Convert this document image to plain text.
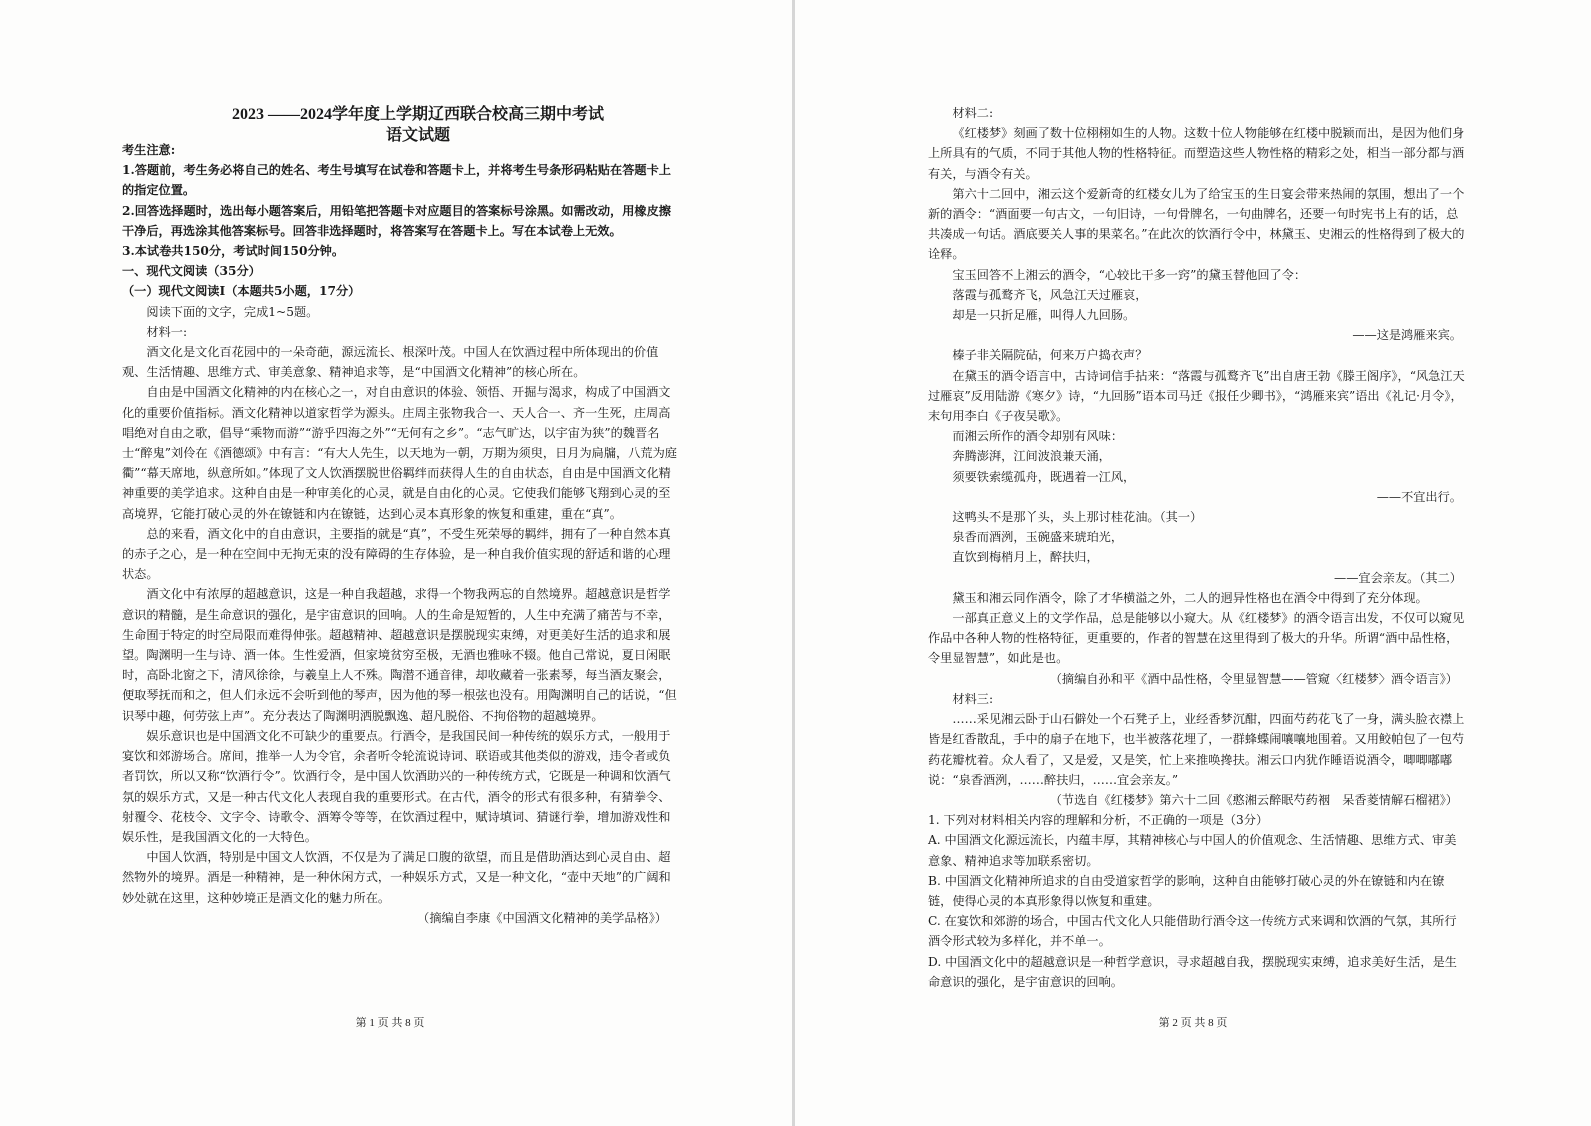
2023 ——2024学年度上学期辽西联合校高三期中考试
语文试题

考生注意:

1.答题前，考生务必将自己的姓名、考生号填写在试卷和答题卡上，并将考生号条形码粘贴在答题卡上的指定位置。

2.回答选择题时，选出每小题答案后，用铅笔把答题卡对应题目的答案标号涂黑。如需改动，用橡皮擦干净后，再选涂其他答案标号。回答非选择题时，将答案写在答题卡上。写在本试卷上无效。

3.本试卷共150分，考试时间150分钟。

一、现代文阅读（35分）

（一）现代文阅读Ⅰ（本题共5小题，17分）

阅读下面的文字，完成1~5题。

材料一:

酒文化是文化百花园中的一朵奇葩，源远流长、根深叶茂。中国人在饮酒过程中所体现出的价值观、生活情趣、思维方式、审美意象、精神追求等，是“中国酒文化精神”的核心所在。

自由是中国酒文化精神的内在核心之一，对自由意识的体验、领悟、开掘与渴求，构成了中国酒文化的重要价值指标。酒文化精神以道家哲学为源头。庄周主张物我合一、天人合一、齐一生死，庄周高唱绝对自由之歌，倡导“乘物而游”“游乎四海之外”“无何有之乡”。“志气旷达，以宇宙为狭”的魏晋名士“醉鬼”刘伶在《酒德颂》中有言：“有大人先生，以天地为一朝，万期为须臾，日月为扃牖，八荒为庭衢”“幕天席地，纵意所如。”体现了文人饮酒摆脱世俗羁绊而获得人生的自由状态，自由是中国酒文化精神重要的美学追求。这种自由是一种审美化的心灵，就是自由化的心灵。它使我们能够飞翔到心灵的至高境界，它能打破心灵的外在镣链和内在镣链，达到心灵本真形象的恢复和重建，重在“真”。

总的来看，酒文化中的自由意识，主要指的就是“真”，不受生死荣辱的羁绊，拥有了一种自然本真的赤子之心，是一种在空间中无拘无束的没有障碍的生存体验，是一种自我价值实现的舒适和谐的心理状态。

酒文化中有浓厚的超越意识，这是一种自我超越，求得一个物我两忘的自然境界。超越意识是哲学意识的精髓，是生命意识的强化，是宇宙意识的回响。人的生命是短暂的，人生中充满了痛苦与不幸，生命囿于特定的时空局限而难得伸张。超越精神、超越意识是摆脱现实束缚，对更美好生活的追求和展望。陶渊明一生与诗、酒一体。生性爱酒，但家境贫穷至极，无酒也雅咏不辍。他自己常说，夏日闲眠时，高卧北窗之下，清风徐徐，与羲皇上人不殊。陶潜不通音律，却收藏着一张素琴，每当酒友聚会，便取琴抚而和之，但人们永远不会听到他的琴声，因为他的琴一根弦也没有。用陶渊明自己的话说，“但识琴中趣，何劳弦上声”。充分表达了陶渊明洒脱飘逸、超凡脱俗、不拘俗物的超越境界。

娱乐意识也是中国酒文化不可缺少的重要点。行酒令，是我国民间一种传统的娱乐方式，一般用于宴饮和郊游场合。席间，推举一人为令官，余者听令轮流说诗词、联语或其他类似的游戏，违令者或负者罚饮，所以又称“饮酒行令”。饮酒行令，是中国人饮酒助兴的一种传统方式，它既是一种调和饮酒气氛的娱乐方式，又是一种古代文化人表现自我的重要形式。在古代，酒令的形式有很多种，有猜拳令、射覆令、花枝令、文字令、诗歌令、酒筹令等等，在饮酒过程中，赋诗填词、猜谜行拳，增加游戏性和娱乐性，是我国酒文化的一大特色。

中国人饮酒，特别是中国文人饮酒，不仅是为了满足口腹的欲望，而且是借助酒达到心灵自由、超然物外的境界。酒是一种精神，是一种休闲方式，一种娱乐方式，又是一种文化，“壶中天地”的广阔和妙处就在这里，这种妙境正是酒文化的魅力所在。

（摘编自李康《中国酒文化精神的美学品格》）

第 1 页 共 8 页

材料二:

《红楼梦》刻画了数十位栩栩如生的人物。这数十位人物能够在红楼中脱颖而出，是因为他们身上所具有的气质，不同于其他人物的性格特征。而塑造这些人物性格的精彩之处，相当一部分都与酒有关，与酒令有关。

第六十二回中，湘云这个爱新奇的红楼女儿为了给宝玉的生日宴会带来热闹的氛围，想出了一个新的酒令：“酒面要一句古文，一句旧诗，一句骨牌名，一句曲牌名，还要一句时宪书上有的话，总共凑成一句话。酒底要关人事的果菜名。”在此次的饮酒行令中，林黛玉、史湘云的性格得到了极大的诠释。

宝玉回答不上湘云的酒令，“心较比干多一窍”的黛玉替他回了令：

落霞与孤鹜齐飞，风急江天过雁哀，

却是一只折足雁，叫得人九回肠。

——这是鸿雁来宾。

榛子非关隔院砧，何来万户捣衣声？

在黛玉的酒令语言中，古诗词信手拈来：“落霞与孤鹜齐飞”出自唐王勃《滕王阁序》，“风急江天过雁哀”反用陆游《寒夕》诗，“九回肠”语本司马迁《报任少卿书》，“鸿雁来宾”语出《礼记·月令》，末句用李白《子夜吴歌》。

而湘云所作的酒令却别有风味：

奔腾澎湃，江间波浪兼天涌，

须要铁索缆孤舟，既遇着一江风，

——不宜出行。

这鸭头不是那丫头，头上那讨桂花油。（其一）

泉香而酒洌，玉碗盛来琥珀光，

直饮到梅梢月上，醉扶归，

——宜会亲友。（其二）

黛玉和湘云同作酒令，除了才华横溢之外，二人的迥异性格也在酒令中得到了充分体现。

一部真正意义上的文学作品，总是能够以小窥大。从《红楼梦》的酒令语言出发，不仅可以窥见作品中各种人物的性格特征，更重要的，作者的智慧在这里得到了极大的升华。所谓“酒中品性格，令里显智慧”，如此是也。

（摘编自孙和平《酒中品性格，令里显智慧——管窥〈红楼梦〉酒令语言》）

材料三:

……采见湘云卧于山石僻处一个石凳子上，业经香梦沉酣，四面芍药花飞了一身，满头脸衣襟上皆是红香散乱，手中的扇子在地下，也半被落花埋了，一群蜂蝶闹嚷嚷地围着。又用鲛帕包了一包芍药花瓣枕着。众人看了，又是爱，又是笑，忙上来推唤搀扶。湘云口内犹作睡语说酒令，唧唧嘟嘟说：“泉香酒洌，……醉扶归，……宜会亲友。”

（节选自《红楼梦》第六十二回《憨湘云醉眠芍药裀　呆香菱情解石榴裙》）

1. 下列对材料相关内容的理解和分析，不正确的一项是（3分）

A. 中国酒文化源远流长，内蕴丰厚，其精神核心与中国人的价值观念、生活情趣、思维方式、审美意象、精神追求等加联系密切。

B. 中国酒文化精神所追求的自由受道家哲学的影响，这种自由能够打破心灵的外在镣链和内在镣链，使得心灵的本真形象得以恢复和重建。

C. 在宴饮和郊游的场合，中国古代文化人只能借助行酒令这一传统方式来调和饮酒的气氛，其所行酒令形式较为多样化，并不单一。

D. 中国酒文化中的超越意识是一种哲学意识，寻求超越自我，摆脱现实束缚，追求美好生活，是生命意识的强化，是宇宙意识的回响。

第 2 页 共 8 页
